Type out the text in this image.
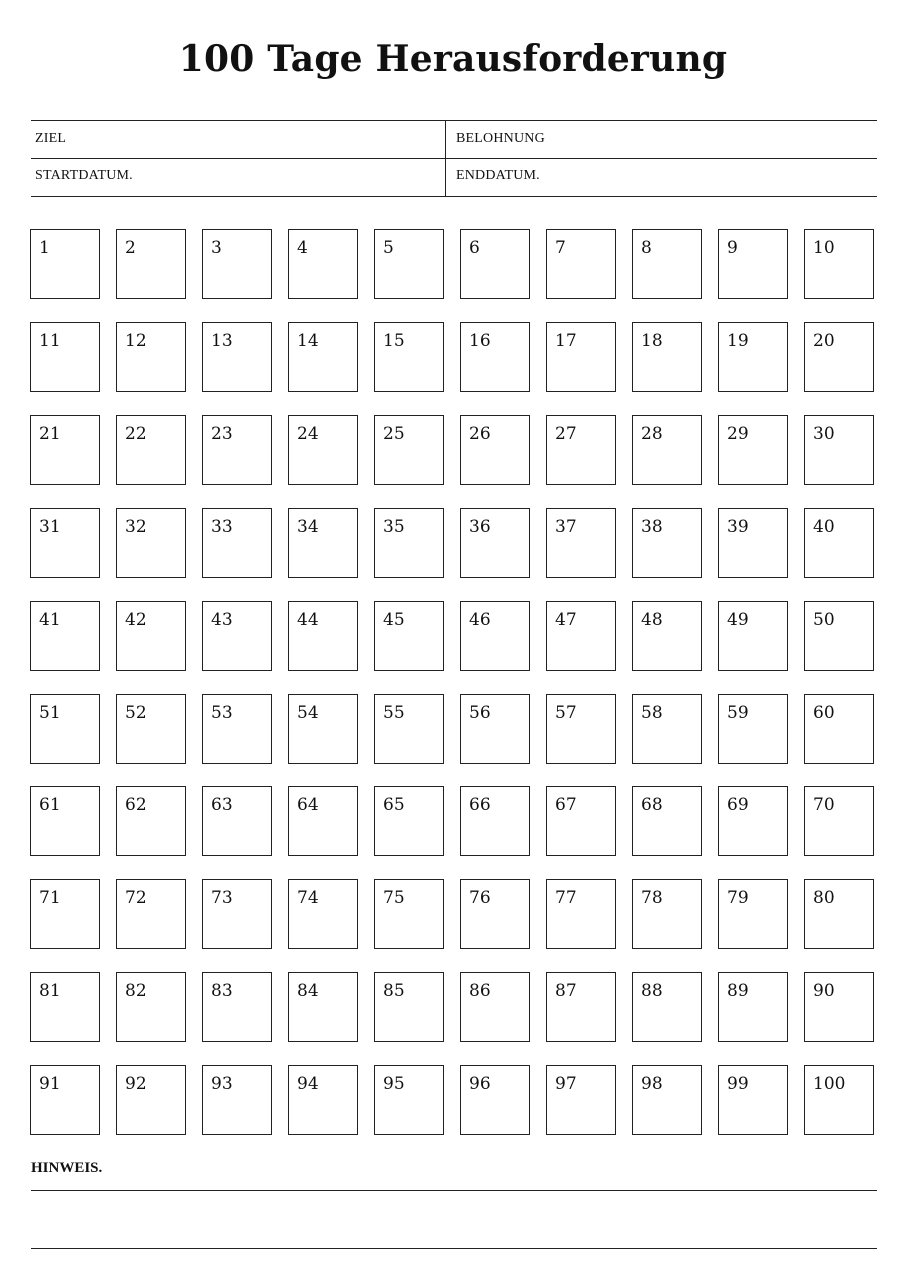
100 Tage Herausforderung
ZIEL	BELOHNUNG
STARTDATUM.	ENDDATUM.
1	2	3	4	5	6	7	8	9	10
11	12	13	14	15	16	17	18	19	20
21	22	23	24	25	26	27	28	29	30
31	32	33	34	35	36	37	38	39	40
41	42	43	44	45	46	47	48	49	50
51	52	53	54	55	56	57	58	59	60
61	62	63	64	65	66	67	68	69	70
71	72	73	74	75	76	77	78	79	80
81	82	83	84	85	86	87	88	89	90
91	92	93	94	95	96	97	98	99	100
HINWEIS.
